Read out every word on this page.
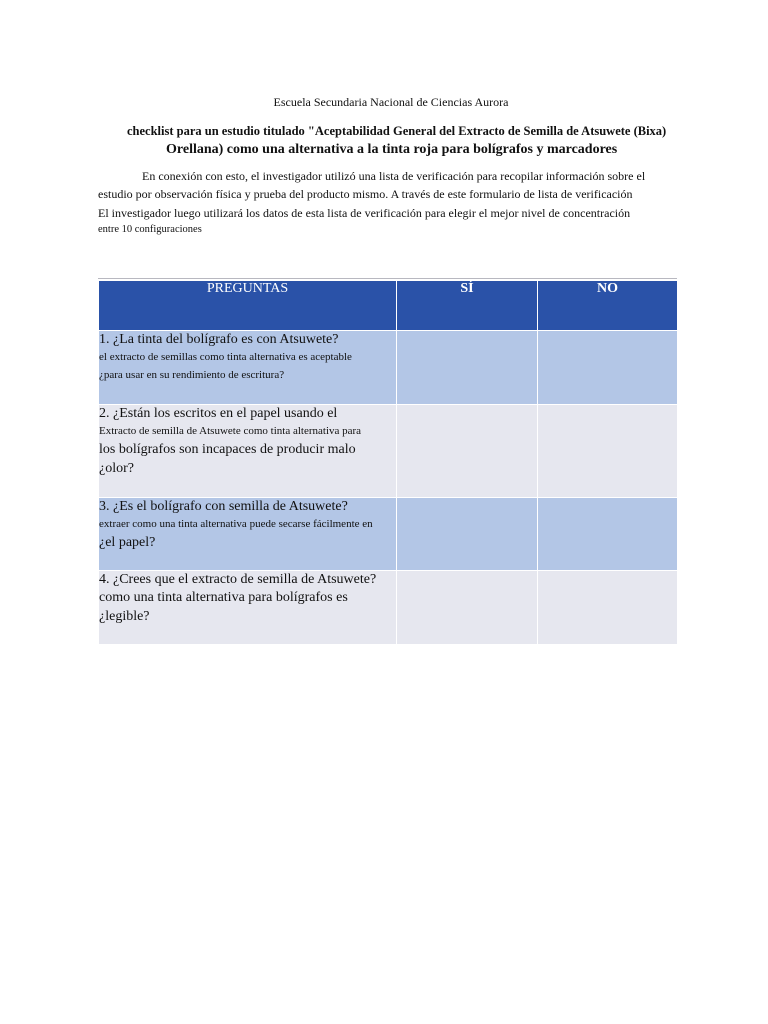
Escuela Secundaria Nacional de Ciencias Aurora
checklist para un estudio titulado "Aceptabilidad General del Extracto de Semilla de Atsuwete (Bixa)
Orellana) como una alternativa a la tinta roja para bolígrafos y marcadores
En conexión con esto, el investigador utilizó una lista de verificación para recopilar información sobre el
estudio por observación física y prueba del producto mismo. A través de este formulario de lista de verificación
El investigador luego utilizará los datos de esta lista de verificación para elegir el mejor nivel de concentración
entre 10 configuraciones
PREGUNTAS	SÍ	NO

1. ¿La tinta del bolígrafo es con Atsuwete?
el extracto de semillas como tinta alternativa es aceptable
¿para usar en su rendimiento de escritura?		

2. ¿Están los escritos en el papel usando el
Extracto de semilla de Atsuwete como tinta alternativa para
los bolígrafos son incapaces de producir malo
¿olor?		

3. ¿Es el bolígrafo con semilla de Atsuwete?
extraer como una tinta alternativa puede secarse fácilmente en
¿el papel?		

4. ¿Crees que el extracto de semilla de Atsuwete?
como una tinta alternativa para bolígrafos es
¿legible?		
